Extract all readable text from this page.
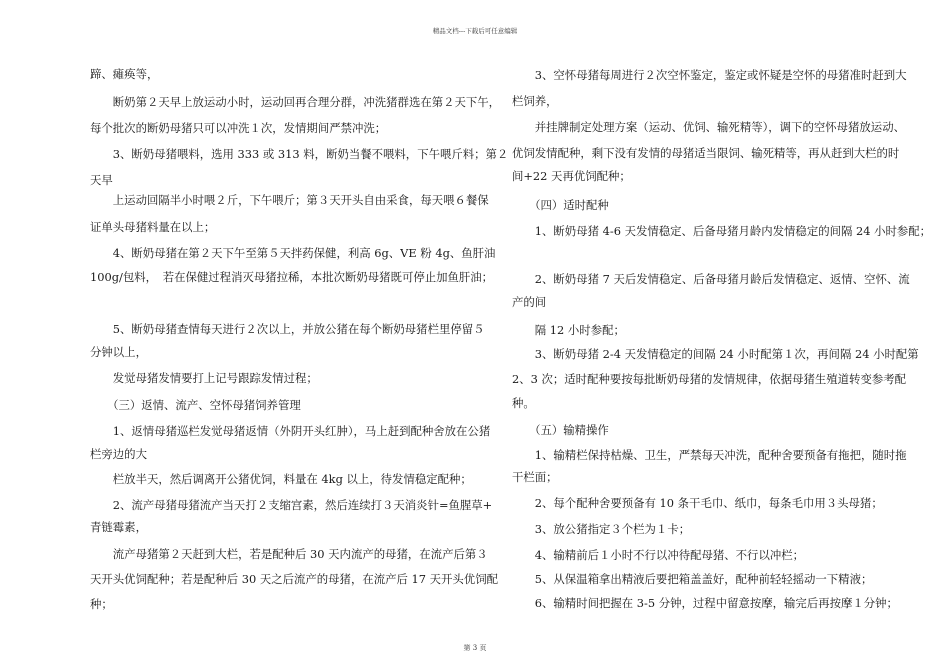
精品文档---下载后可任意编辑
蹄、瘫痪等，
　　断奶第２天早上放运动小时，运动回再合理分群，冲洗猪群选在第２天下午，
每个批次的断奶母猪只可以冲洗１次，发情期间严禁冲洗；
　　3、断奶母猪喂料，选用 333 或 313 料，断奶当餐不喂料，下午喂斤料；第２
天早
　　上运动回隔半小时喂２斤，下午喂斤；第３天开头自由采食，每天喂６餐保
证单头母猪料量在以上；
　　4、断奶母猪在第２天下午至第５天拌药保健，利高 6g、VE 粉 4g、鱼肝油
100g/包料，　若在保健过程消灭母猪拉稀，本批次断奶母猪既可停止加鱼肝油；
　　5、断奶母猪查情每天进行２次以上，并放公猪在每个断奶母猪栏里停留５
分钟以上，
　　发觉母猪发情要打上记号跟踪发情过程；
　　（三）返情、流产、空怀母猪饲养管理
　　1、返情母猪巡栏发觉母猪返情（外阴开头红肿），马上赶到配种舍放在公猪
栏旁边的大
　　栏放半天，然后调离开公猪优饲，料量在 4kg 以上，待发情稳定配种；
　　2、流产母猪母猪流产当天打２支缩宫素，然后连续打３天消炎针=鱼腥草+
青链霉素，
　　流产母猪第２天赶到大栏，若是配种后 30 天内流产的母猪，在流产后第３
天开头优饲配种；若是配种后 30 天之后流产的母猪，在流产后 17 天开头优饲配
种；
　　3、空怀母猪每周进行２次空怀鉴定，鉴定或怀疑是空怀的母猪准时赶到大
栏饲养，
　　并挂牌制定处理方案（运动、优饲、输死精等），调下的空怀母猪放运动、
优饲发情配种，剩下没有发情的母猪适当限饲、输死精等，再从赶到大栏的时
间+22 天再优饲配种；
　　（四）适时配种
　　1、断奶母猪 4-6 天发情稳定、后备母猪月龄内发情稳定的间隔 24 小时参配；
　　2、断奶母猪 7 天后发情稳定、后备母猪月龄后发情稳定、返情、空怀、流
产的间
　　隔 12 小时参配；
　　3、断奶母猪 2-4 天发情稳定的间隔 24 小时配第１次，再间隔 24 小时配第
2、3 次；适时配种要按每批断奶母猪的发情规律，依据母猪生殖道转变参考配
种。
　　（五）输精操作
　　1、输精栏保持枯燥、卫生，严禁每天冲洗，配种舍要预备有拖把，随时拖
干栏面；
　　2、每个配种舍要预备有 10 条干毛巾、纸巾，每条毛巾用３头母猪；
　　3、放公猪指定３个栏为１卡；
　　4、输精前后１小时不行以冲待配母猪、不行以冲栏；
　　5、从保温箱拿出精液后要把箱盖盖好，配种前轻轻摇动一下精液；
　　6、输精时间把握在 3-5 分钟，过程中留意按摩，输完后再按摩１分钟；
第 3 页
